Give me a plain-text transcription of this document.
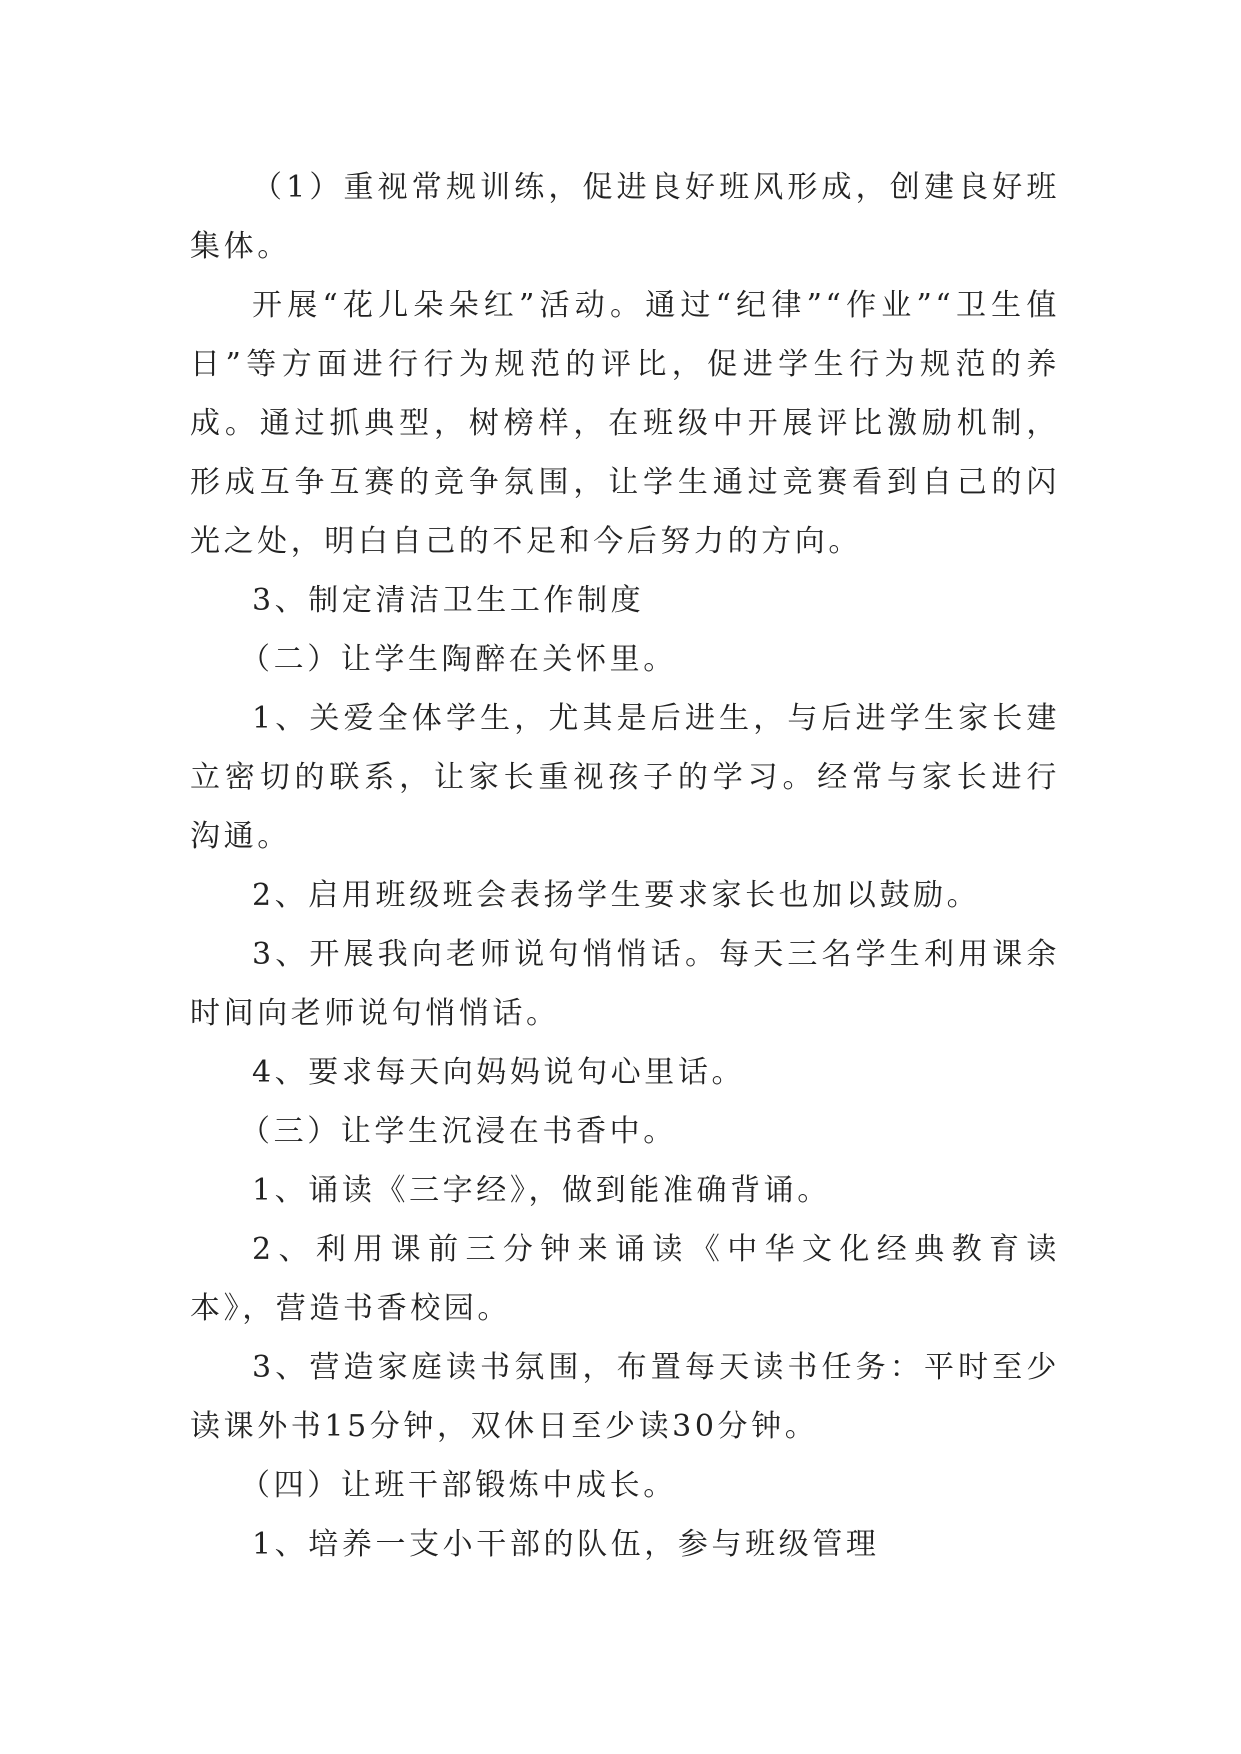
（1）重视常规训练，促进良好班风形成，创建良好班集体。

开展“花儿朵朵红”活动。通过“纪律”“作业”“卫生值日”等方面进行行为规范的评比，促进学生行为规范的养成。通过抓典型，树榜样，在班级中开展评比激励机制，形成互争互赛的竞争氛围，让学生通过竞赛看到自己的闪光之处，明白自己的不足和今后努力的方向。

3、制定清洁卫生工作制度

（二）让学生陶醉在关怀里。

1、关爱全体学生，尤其是后进生，与后进学生家长建立密切的联系，让家长重视孩子的学习。经常与家长进行沟通。

2、启用班级班会表扬学生要求家长也加以鼓励。

3、开展我向老师说句悄悄话。每天三名学生利用课余时间向老师说句悄悄话。

4、要求每天向妈妈说句心里话。

（三）让学生沉浸在书香中。

1、诵读《三字经》，做到能准确背诵。

2、利用课前三分钟来诵读《中华文化经典教育读本》，营造书香校园。

3、营造家庭读书氛围，布置每天读书任务：平时至少读课外书15分钟，双休日至少读30分钟。

（四）让班干部锻炼中成长。

1、培养一支小干部的队伍，参与班级管理
